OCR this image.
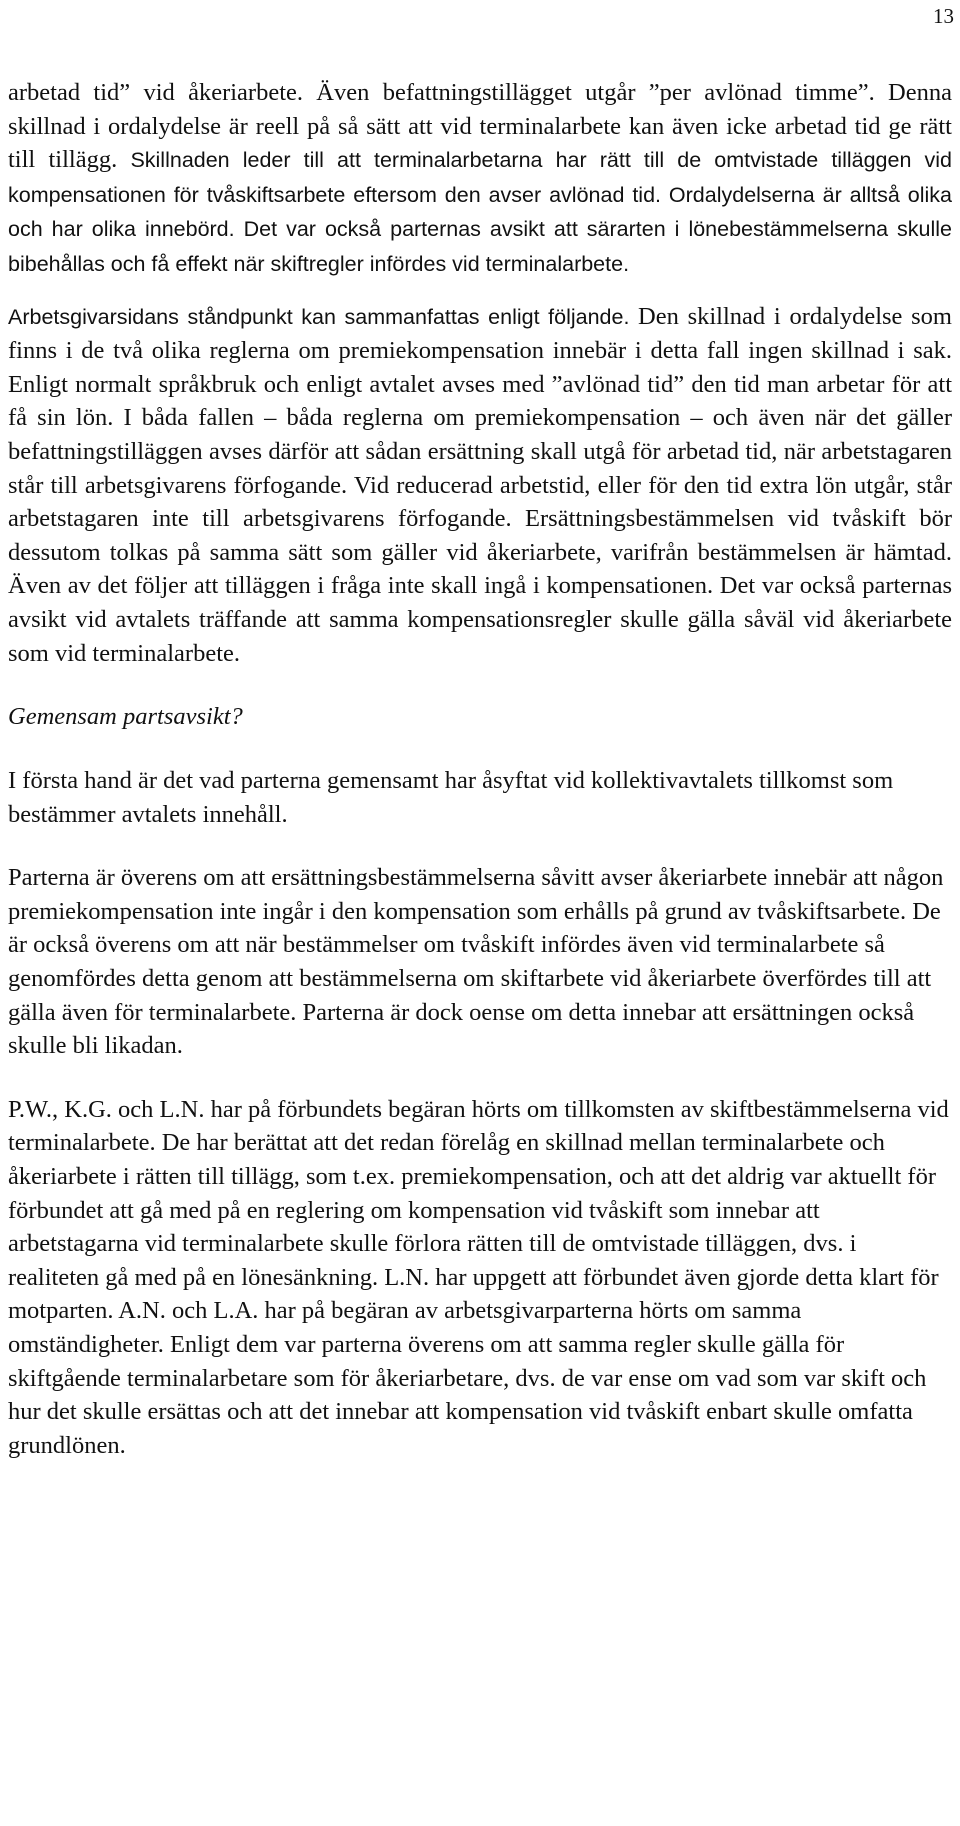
13

arbetad tid” vid åkeriarbete. Även befattningstillägget utgår ”per avlönad timme”. Denna skillnad i ordalydelse är reell på så sätt att vid terminalarbete kan även icke arbetad tid ge rätt till tillägg. Skillnaden leder till att terminalarbetarna har rätt till de omtvistade tilläggen vid kompensationen för tvåskiftsarbete eftersom den avser avlönad tid. Ordalydelserna är alltså olika och har olika innebörd. Det var också parternas avsikt att särarten i lönebestämmelserna skulle bibehållas och få effekt när skiftregler infördes vid terminalarbete.

Arbetsgivarsidans ståndpunkt kan sammanfattas enligt följande. Den skillnad i ordalydelse som finns i de två olika reglerna om premiekompensation innebär i detta fall ingen skillnad i sak. Enligt normalt språkbruk och enligt avtalet avses med ”avlönad tid” den tid man arbetar för att få sin lön. I båda fallen – båda reglerna om premiekompensation – och även när det gäller befattningstilläggen avses därför att sådan ersättning skall utgå för arbetad tid, när arbetstagaren står till arbetsgivarens förfogande. Vid reducerad arbetstid, eller för den tid extra lön utgår, står arbetstagaren inte till arbetsgivarens förfogande. Ersättningsbestämmelsen vid tvåskift bör dessutom tolkas på samma sätt som gäller vid åkeriarbete, varifrån bestämmelsen är hämtad. Även av det följer att tilläggen i fråga inte skall ingå i kompensationen. Det var också parternas avsikt vid avtalets träffande att samma kompensationsregler skulle gälla såväl vid åkeriarbete som vid terminalarbete.

Gemensam partsavsikt?

I första hand är det vad parterna gemensamt har åsyftat vid kollektivavtalets tillkomst som bestämmer avtalets innehåll.

Parterna är överens om att ersättningsbestämmelserna såvitt avser åkeriarbete innebär att någon premiekompensation inte ingår i den kompensation som erhålls på grund av tvåskiftsarbete. De är också överens om att när bestämmelser om tvåskift infördes även vid terminalarbete så genomfördes detta genom att bestämmelserna om skiftarbete vid åkeriarbete överfördes till att gälla även för terminalarbete. Parterna är dock oense om detta innebar att ersättningen också skulle bli likadan.

P.W., K.G. och L.N. har på förbundets begäran hörts om tillkomsten av skiftbestämmelserna vid terminalarbete. De har berättat att det redan förelåg en skillnad mellan terminalarbete och åkeriarbete i rätten till tillägg, som t.ex. premiekompensation, och att det aldrig var aktuellt för förbundet att gå med på en reglering om kompensation vid tvåskift som innebar att arbetstagarna vid terminalarbete skulle förlora rätten till de omtvistade tilläggen, dvs. i realiteten gå med på en lönesänkning. L.N. har uppgett att förbundet även gjorde detta klart för motparten. A.N. och L.A. har på begäran av arbetsgivarparterna hörts om samma omständigheter. Enligt dem var parterna överens om att samma regler skulle gälla för skiftgående terminalarbetare som för åkeriarbetare, dvs. de var ense om vad som var skift och hur det skulle ersättas och att det innebar att kompensation vid tvåskift enbart skulle omfatta grundlönen.
